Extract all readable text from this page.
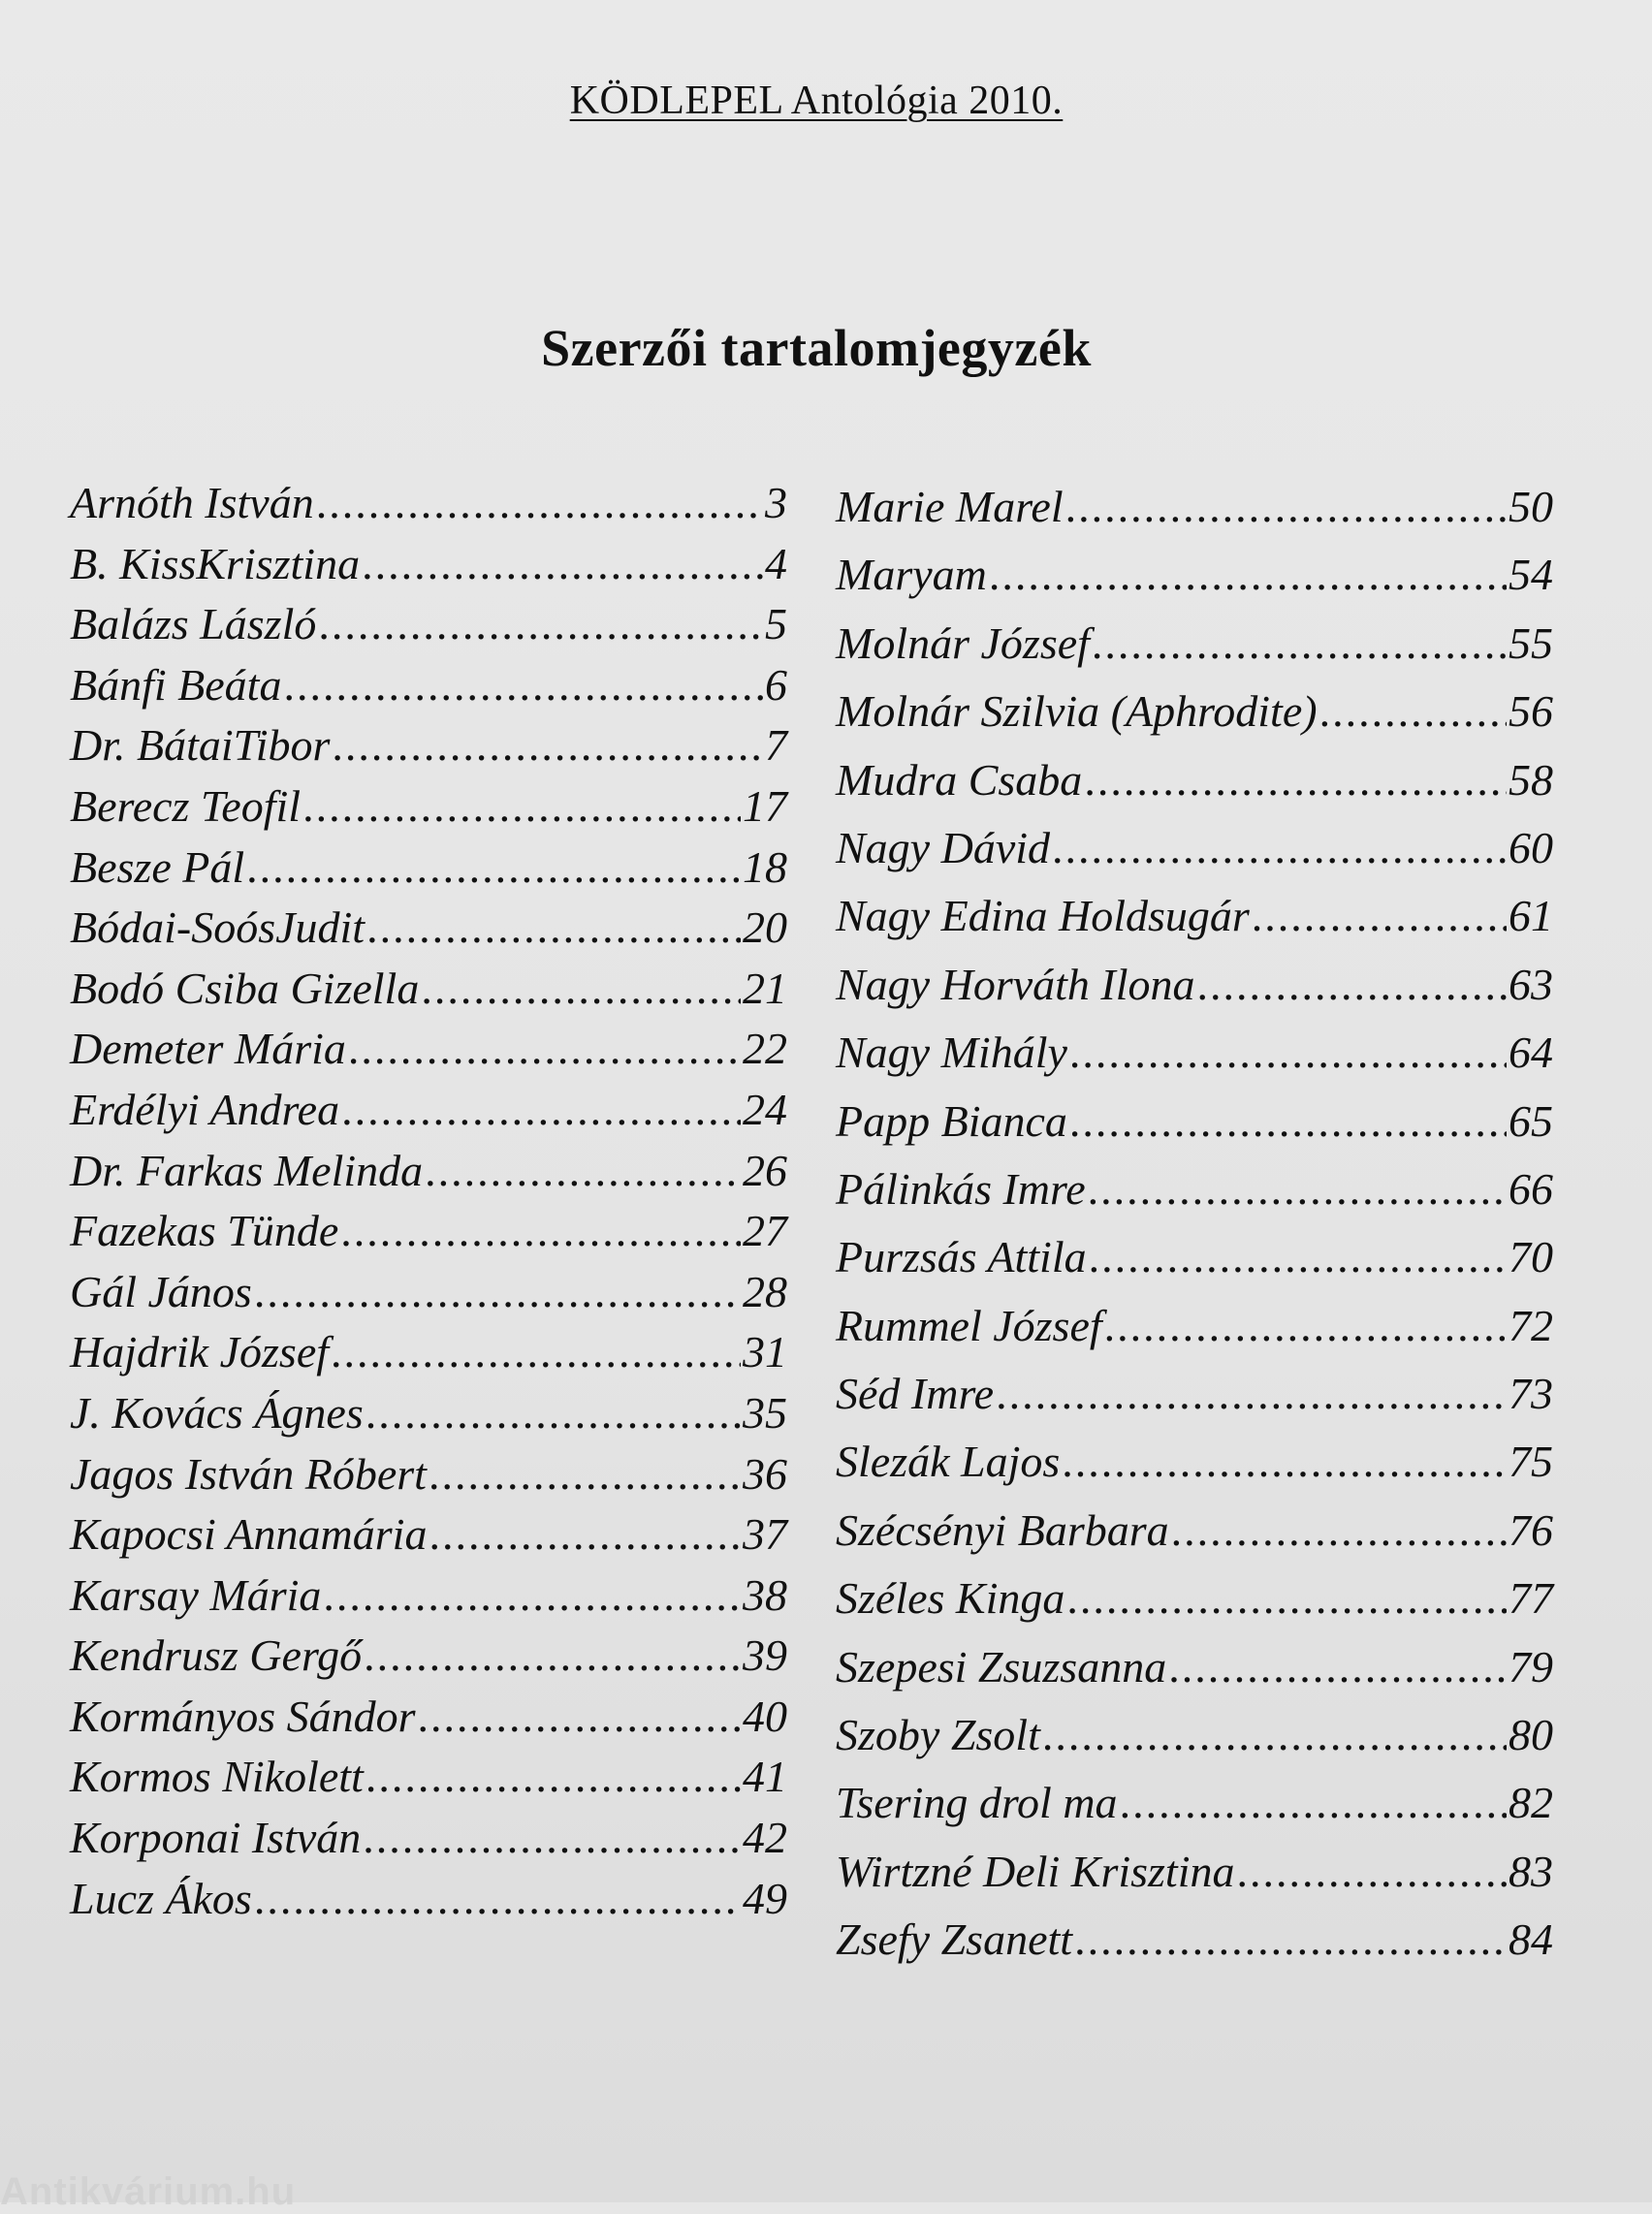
KÖDLEPEL Antológia 2010.
Szerzői tartalomjegyzék
Arnóth István .....	3
B. KissKrisztina .....	4
Balázs László .....	5
Bánfi Beáta .....	6
Dr. BátaiTibor .....	7
Berecz Teofil .....	17
Besze Pál .....	18
Bódai-SoósJudit .....	20
Bodó Csiba Gizella .....	21
Demeter Mária .....	22
Erdélyi Andrea .....	24
Dr. Farkas Melinda .....	26
Fazekas Tünde .....	27
Gál János .....	28
Hajdrik József .....	31
J. Kovács Ágnes .....	35
Jagos István Róbert .....	36
Kapocsi Annamária .....	37
Karsay Mária .....	38
Kendrusz Gergő .....	39
Kormányos Sándor .....	40
Kormos Nikolett .....	41
Korponai István .....	42
Lucz Ákos .....	49
Marie Marel .....	50
Maryam .....	54
Molnár József .....	55
Molnár Szilvia (Aphrodite) .....	56
Mudra Csaba .....	58
Nagy Dávid .....	60
Nagy Edina Holdsugár .....	61
Nagy Horváth Ilona .....	63
Nagy Mihály .....	64
Papp Bianca .....	65
Pálinkás Imre .....	66
Purzsás Attila .....	70
Rummel József .....	72
Séd Imre .....	73
Slezák Lajos .....	75
Szécsényi Barbara .....	76
Széles Kinga .....	77
Szepesi Zsuzsanna .....	79
Szoby Zsolt .....	80
Tsering drol ma .....	82
Wirtzné Deli Krisztina .....	83
Zsefy Zsanett .....	84
Antikvárium.hu
